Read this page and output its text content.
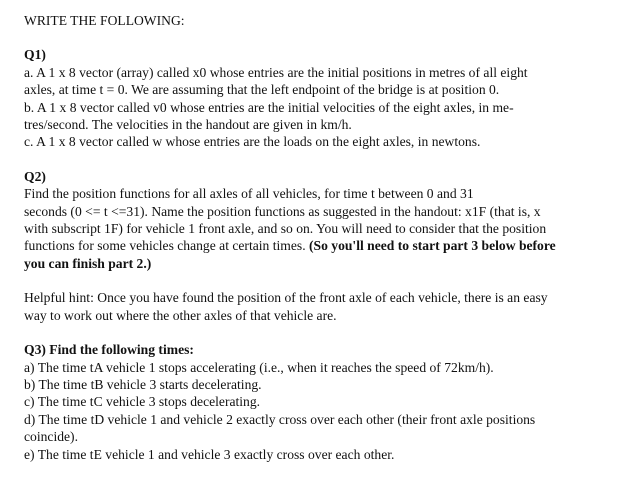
WRITE THE FOLLOWING:
Q1)
a. A 1 x 8 vector (array) called x0 whose entries are the initial positions in metres of all eight
axles, at time t = 0. We are assuming that the left endpoint of the bridge is at position 0.
b. A 1 x 8 vector called v0 whose entries are the initial velocities of the eight axles, in me-
tres/second. The velocities in the handout are given in km/h.
c. A 1 x 8 vector called w whose entries are the loads on the eight axles, in newtons.
Q2)
Find the position functions for all axles of all vehicles, for time t between 0 and 31
seconds (0 <= t <=31). Name the position functions as suggested in the handout: x1F (that is, x
with subscript 1F) for vehicle 1 front axle, and so on. You will need to consider that the position
functions for some vehicles change at certain times. (So you'll need to start part 3 below before
you can finish part 2.)
Helpful hint: Once you have found the position of the front axle of each vehicle, there is an easy
way to work out where the other axles of that vehicle are.
Q3) Find the following times:
a) The time tA vehicle 1 stops accelerating (i.e., when it reaches the speed of 72km/h).
b) The time tB vehicle 3 starts decelerating.
c) The time tC vehicle 3 stops decelerating.
d) The time tD vehicle 1 and vehicle 2 exactly cross over each other (their front axle positions
coincide).
e) The time tE vehicle 1 and vehicle 3 exactly cross over each other.
